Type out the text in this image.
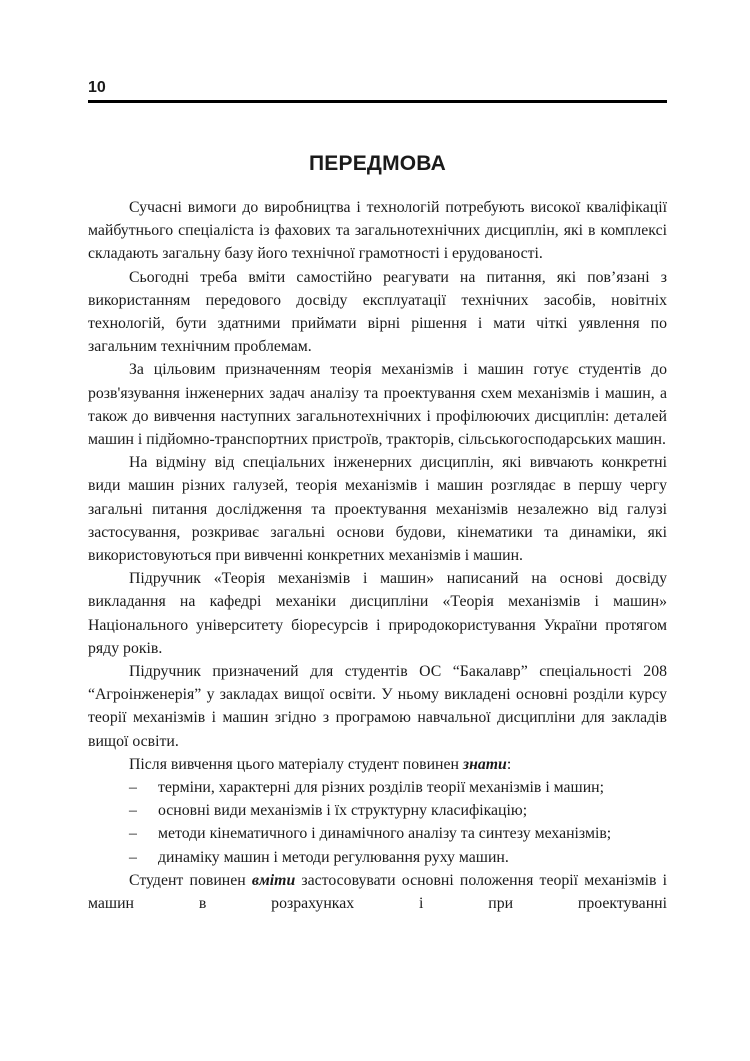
10
ПЕРЕДМОВА

Сучасні вимоги до виробництва і технологій потребують високої кваліфікації майбутнього спеціаліста із фахових та загальнотехнічних дисциплін, які в комплексі складають загальну базу його технічної грамотності і ерудованості.

Сьогодні треба вміти самостійно реагувати на питання, які пов’язані з використанням передового досвіду експлуатації технічних засобів, новітніх технологій, бути здатними приймати вірні рішення і мати чіткі уявлення по загальним технічним проблемам.

За цільовим призначенням теорія механізмів і машин готує студентів до розв'язування інженерних задач аналізу та проектування схем механізмів і машин, а також до вивчення наступних загальнотехнічних і профілюючих дисциплін: деталей машин і підйомно-транспортних пристроїв, тракторів, сільськогосподарських машин.

На відміну від спеціальних інженерних дисциплін, які вивчають конкретні види машин різних галузей, теорія механізмів і машин розглядає в першу чергу загальні питання дослідження та проектування механізмів незалежно від галузі застосування, розкриває загальні основи будови, кінематики та динаміки, які використовуються при вивченні конкретних механізмів і машин.

Підручник «Теорія механізмів і машин» написаний на основі досвіду викладання на кафедрі механіки дисципліни «Теорія механізмів і машин» Національного університету біоресурсів і природокористування України протягом ряду років.

Підручник призначений для студентів ОС “Бакалавр” спеціальності 208 “Агроінженерія” у закладах вищої освіти. У ньому викладені основні розділи курсу теорії механізмів і машин згідно з програмою навчальної дисципліни для закладів вищої освіти.

Після вивчення цього матеріалу студент повинен знати:

– терміни, характерні для різних розділів теорії механізмів і машин;

– основні види механізмів і їх структурну класифікацію;

– методи кінематичного і динамічного аналізу та синтезу механізмів;

– динаміку машин і методи регулювання руху машин.

Студент повинен вміти застосовувати основні положення теорії механізмів і машин в розрахунках і при проектуванні
